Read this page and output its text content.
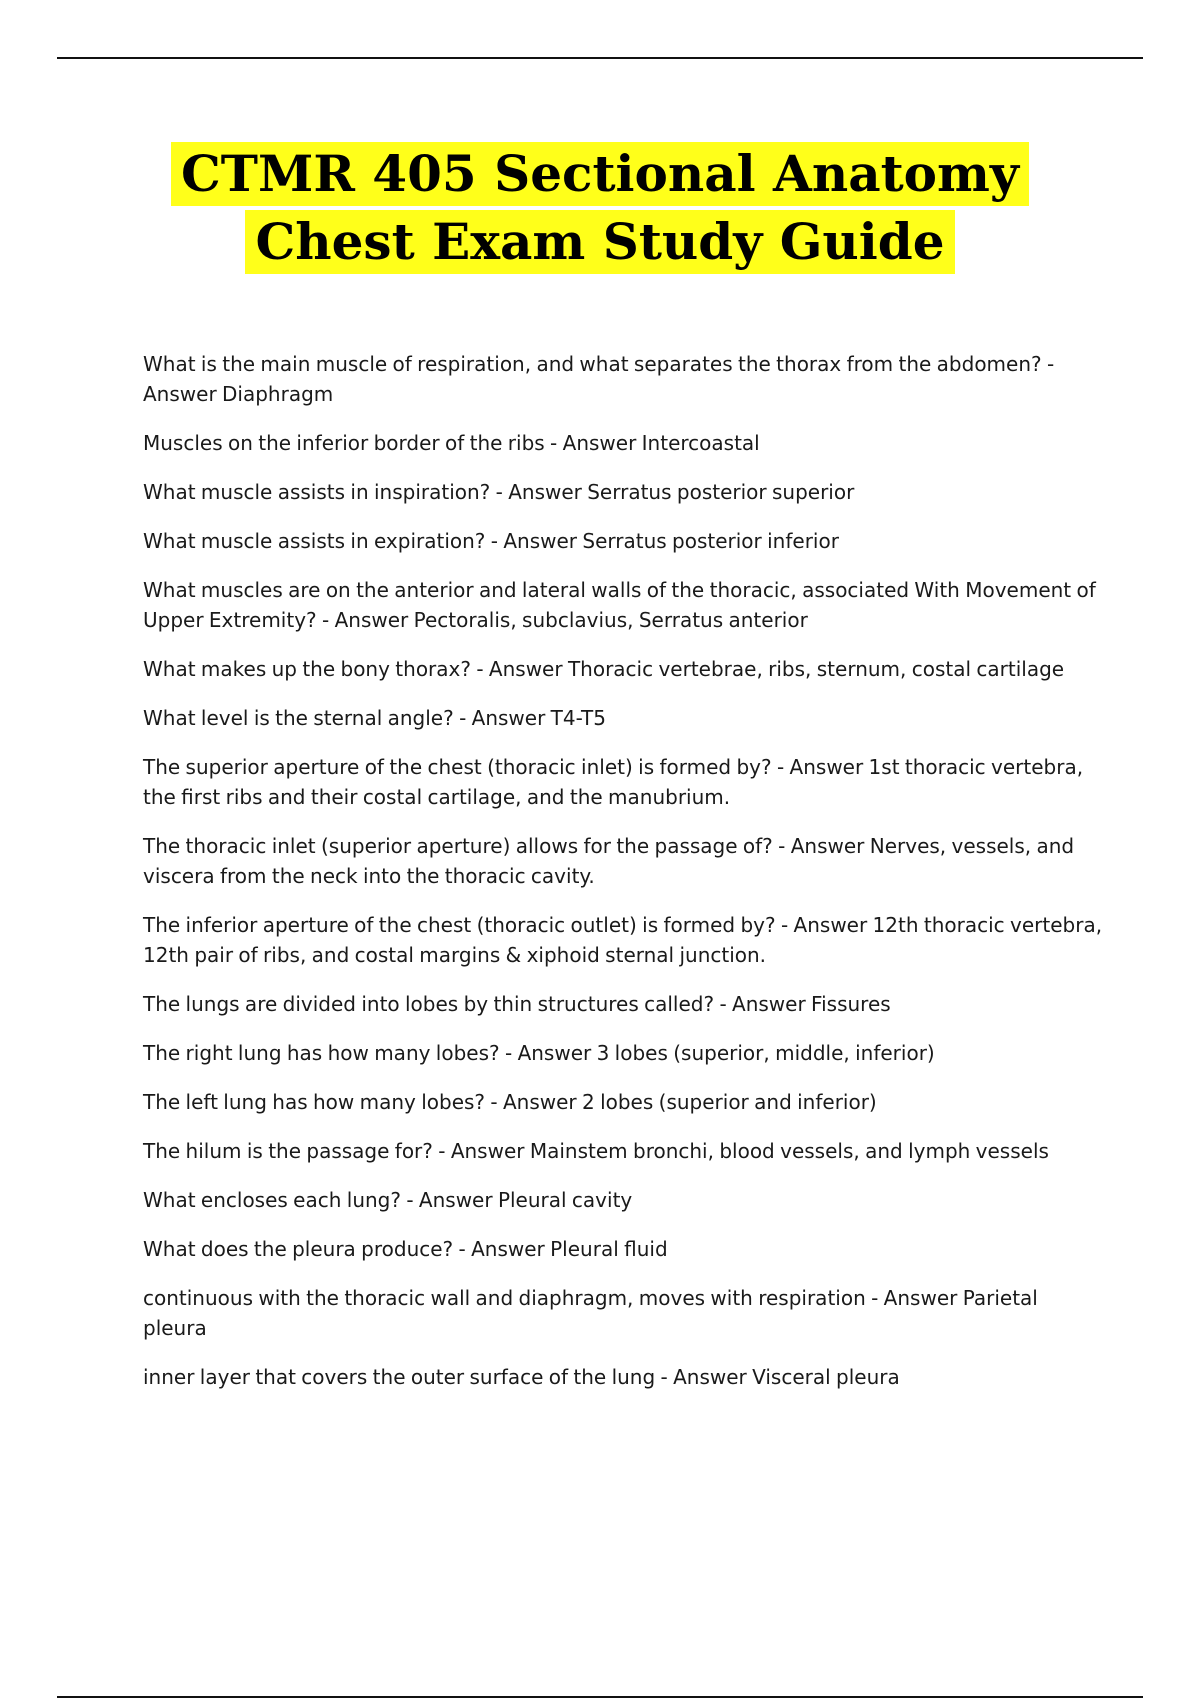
CTMR 405 Sectional Anatomy
Chest Exam Study Guide
What is the main muscle of respiration, and what separates the thorax from the abdomen? - Answer Diaphragm
Muscles on the inferior border of the ribs - Answer Intercoastal
What muscle assists in inspiration? - Answer Serratus posterior superior
What muscle assists in expiration? - Answer Serratus posterior inferior
What muscles are on the anterior and lateral walls of the thoracic, associated With Movement of Upper Extremity? - Answer Pectoralis, subclavius, Serratus anterior
What makes up the bony thorax? - Answer Thoracic vertebrae, ribs, sternum, costal cartilage
What level is the sternal angle? - Answer T4-T5
The superior aperture of the chest (thoracic inlet) is formed by? - Answer 1st thoracic vertebra, the first ribs and their costal cartilage, and the manubrium.
The thoracic inlet (superior aperture) allows for the passage of? - Answer Nerves, vessels, and viscera from the neck into the thoracic cavity.
The inferior aperture of the chest (thoracic outlet) is formed by? - Answer 12th thoracic vertebra, 12th pair of ribs, and costal margins & xiphoid sternal junction.
The lungs are divided into lobes by thin structures called? - Answer Fissures
The right lung has how many lobes? - Answer 3 lobes (superior, middle, inferior)
The left lung has how many lobes? - Answer 2 lobes (superior and inferior)
The hilum is the passage for? - Answer Mainstem bronchi, blood vessels, and lymph vessels
What encloses each lung? - Answer Pleural cavity
What does the pleura produce? - Answer Pleural fluid
continuous with the thoracic wall and diaphragm, moves with respiration - Answer Parietal pleura
inner layer that covers the outer surface of the lung - Answer Visceral pleura
